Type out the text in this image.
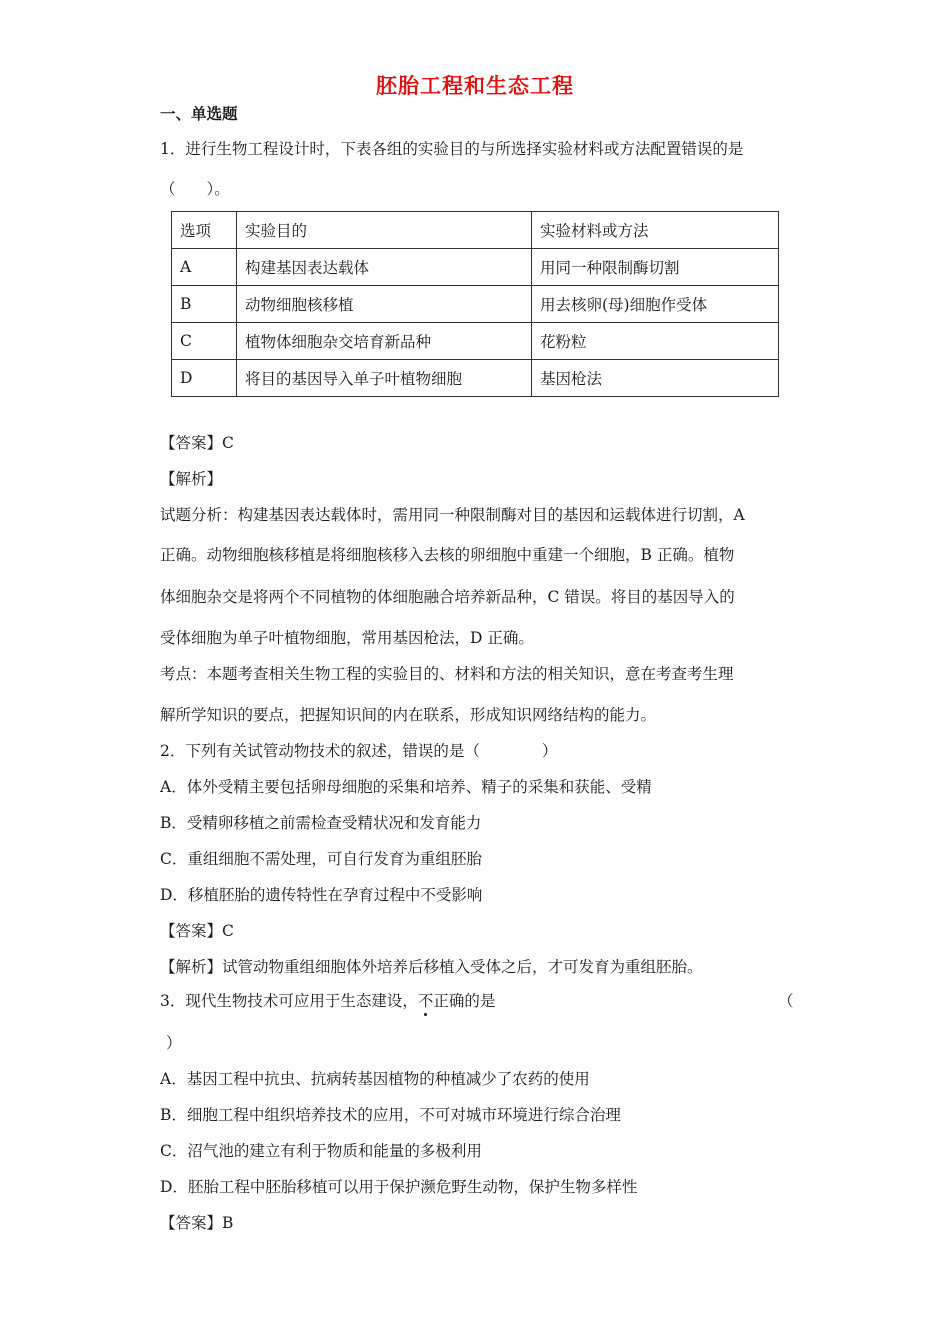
胚胎工程和生态工程
一、单选题
1．进行生物工程设计时，下表各组的实验目的与所选择实验材料或方法配置错误的是
（　　）。
选项	实验目的	实验材料或方法
A	构建基因表达载体	用同一种限制酶切割
B	动物细胞核移植	用去核卵(母)细胞作受体
C	植物体细胞杂交培育新品种	花粉粒
D	将目的基因导入单子叶植物细胞	基因枪法
【答案】C
【解析】
试题分析：构建基因表达载体时，需用同一种限制酶对目的基因和运载体进行切割，A
正确。动物细胞核移植是将细胞核移入去核的卵细胞中重建一个细胞，B 正确。植物
体细胞杂交是将两个不同植物的体细胞融合培养新品种，C 错误。将目的基因导入的
受体细胞为单子叶植物细胞，常用基因枪法，D 正确。
考点：本题考查相关生物工程的实验目的、材料和方法的相关知识，意在考查考生理
解所学知识的要点，把握知识间的内在联系，形成知识网络结构的能力。
2．下列有关试管动物技术的叙述，错误的是（　　　　）
A．体外受精主要包括卵母细胞的采集和培养、精子的采集和获能、受精
B．受精卵移植之前需检查受精状况和发育能力
C．重组细胞不需处理，可自行发育为重组胚胎
D．移植胚胎的遗传特性在孕育过程中不受影响
【答案】C
【解析】试管动物重组细胞体外培养后移植入受体之后，才可发育为重组胚胎。
3．现代生物技术可应用于生态建设，不正确的是	（
）
A．基因工程中抗虫、抗病转基因植物的种植减少了农药的使用
B．细胞工程中组织培养技术的应用，不可对城市环境进行综合治理
C．沼气池的建立有利于物质和能量的多极利用
D．胚胎工程中胚胎移植可以用于保护濒危野生动物，保护生物多样性
【答案】B
